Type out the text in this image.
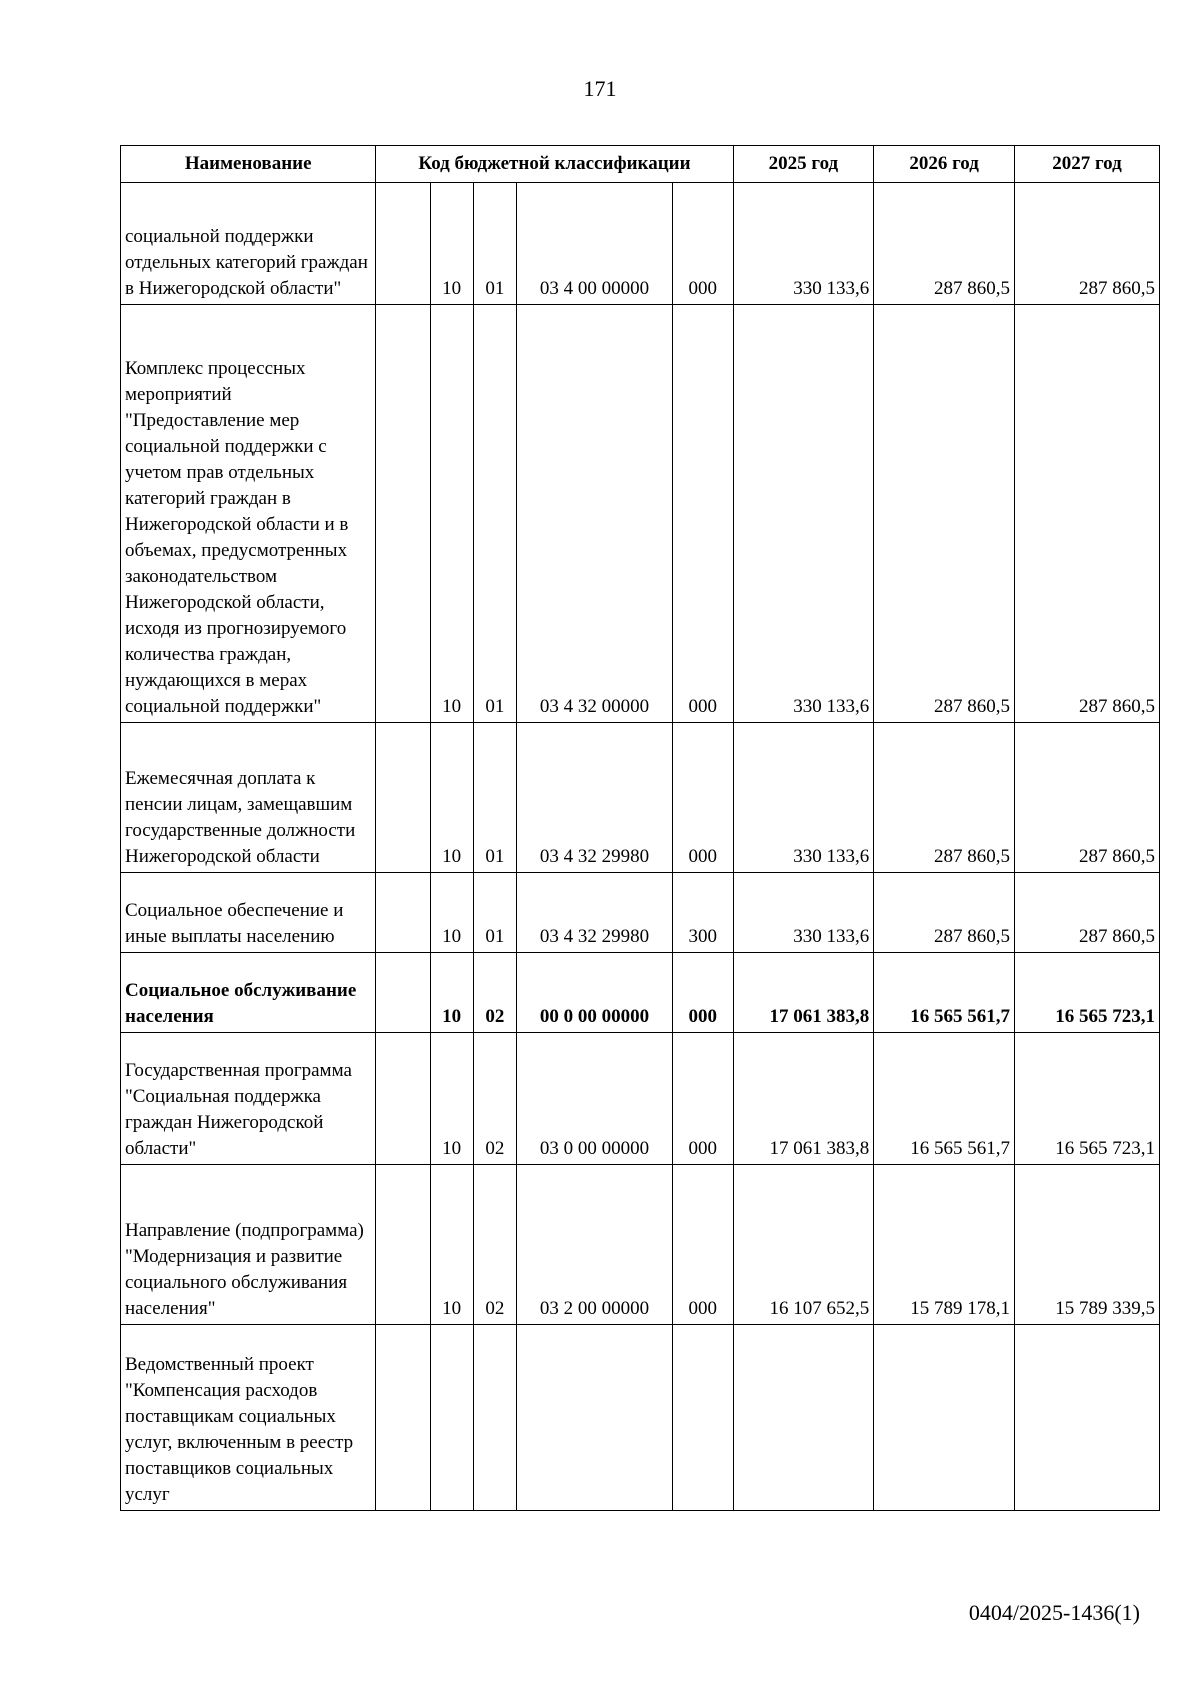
171
Наименование	Код бюджетной классификации					2025 год	2026 год	2027 год
социальной поддержки отдельных категорий граждан в Нижегородской области"		10	01	03 4 00 00000	000	330 133,6	287 860,5	287 860,5
Комплекс процессных мероприятий "Предоставление мер социальной поддержки с учетом прав отдельных категорий граждан в Нижегородской области и в объемах, предусмотренных законодательством Нижегородской области, исходя из прогнозируемого количества граждан, нуждающихся в мерах социальной поддержки"		10	01	03 4 32 00000	000	330 133,6	287 860,5	287 860,5
Ежемесячная доплата к пенсии лицам, замещавшим государственные должности Нижегородской области		10	01	03 4 32 29980	000	330 133,6	287 860,5	287 860,5
Социальное обеспечение и иные выплаты населению		10	01	03 4 32 29980	300	330 133,6	287 860,5	287 860,5
Социальное обслуживание населения		10	02	00 0 00 00000	000	17 061 383,8	16 565 561,7	16 565 723,1
Государственная программа "Социальная поддержка граждан Нижегородской области"		10	02	03 0 00 00000	000	17 061 383,8	16 565 561,7	16 565 723,1
Направление (подпрограмма) "Модернизация и развитие социального обслуживания населения"		10	02	03 2 00 00000	000	16 107 652,5	15 789 178,1	15 789 339,5
Ведомственный проект "Компенсация расходов поставщикам социальных услуг, включенным в реестр поставщиков социальных услуг								
0404/2025-1436(1)
